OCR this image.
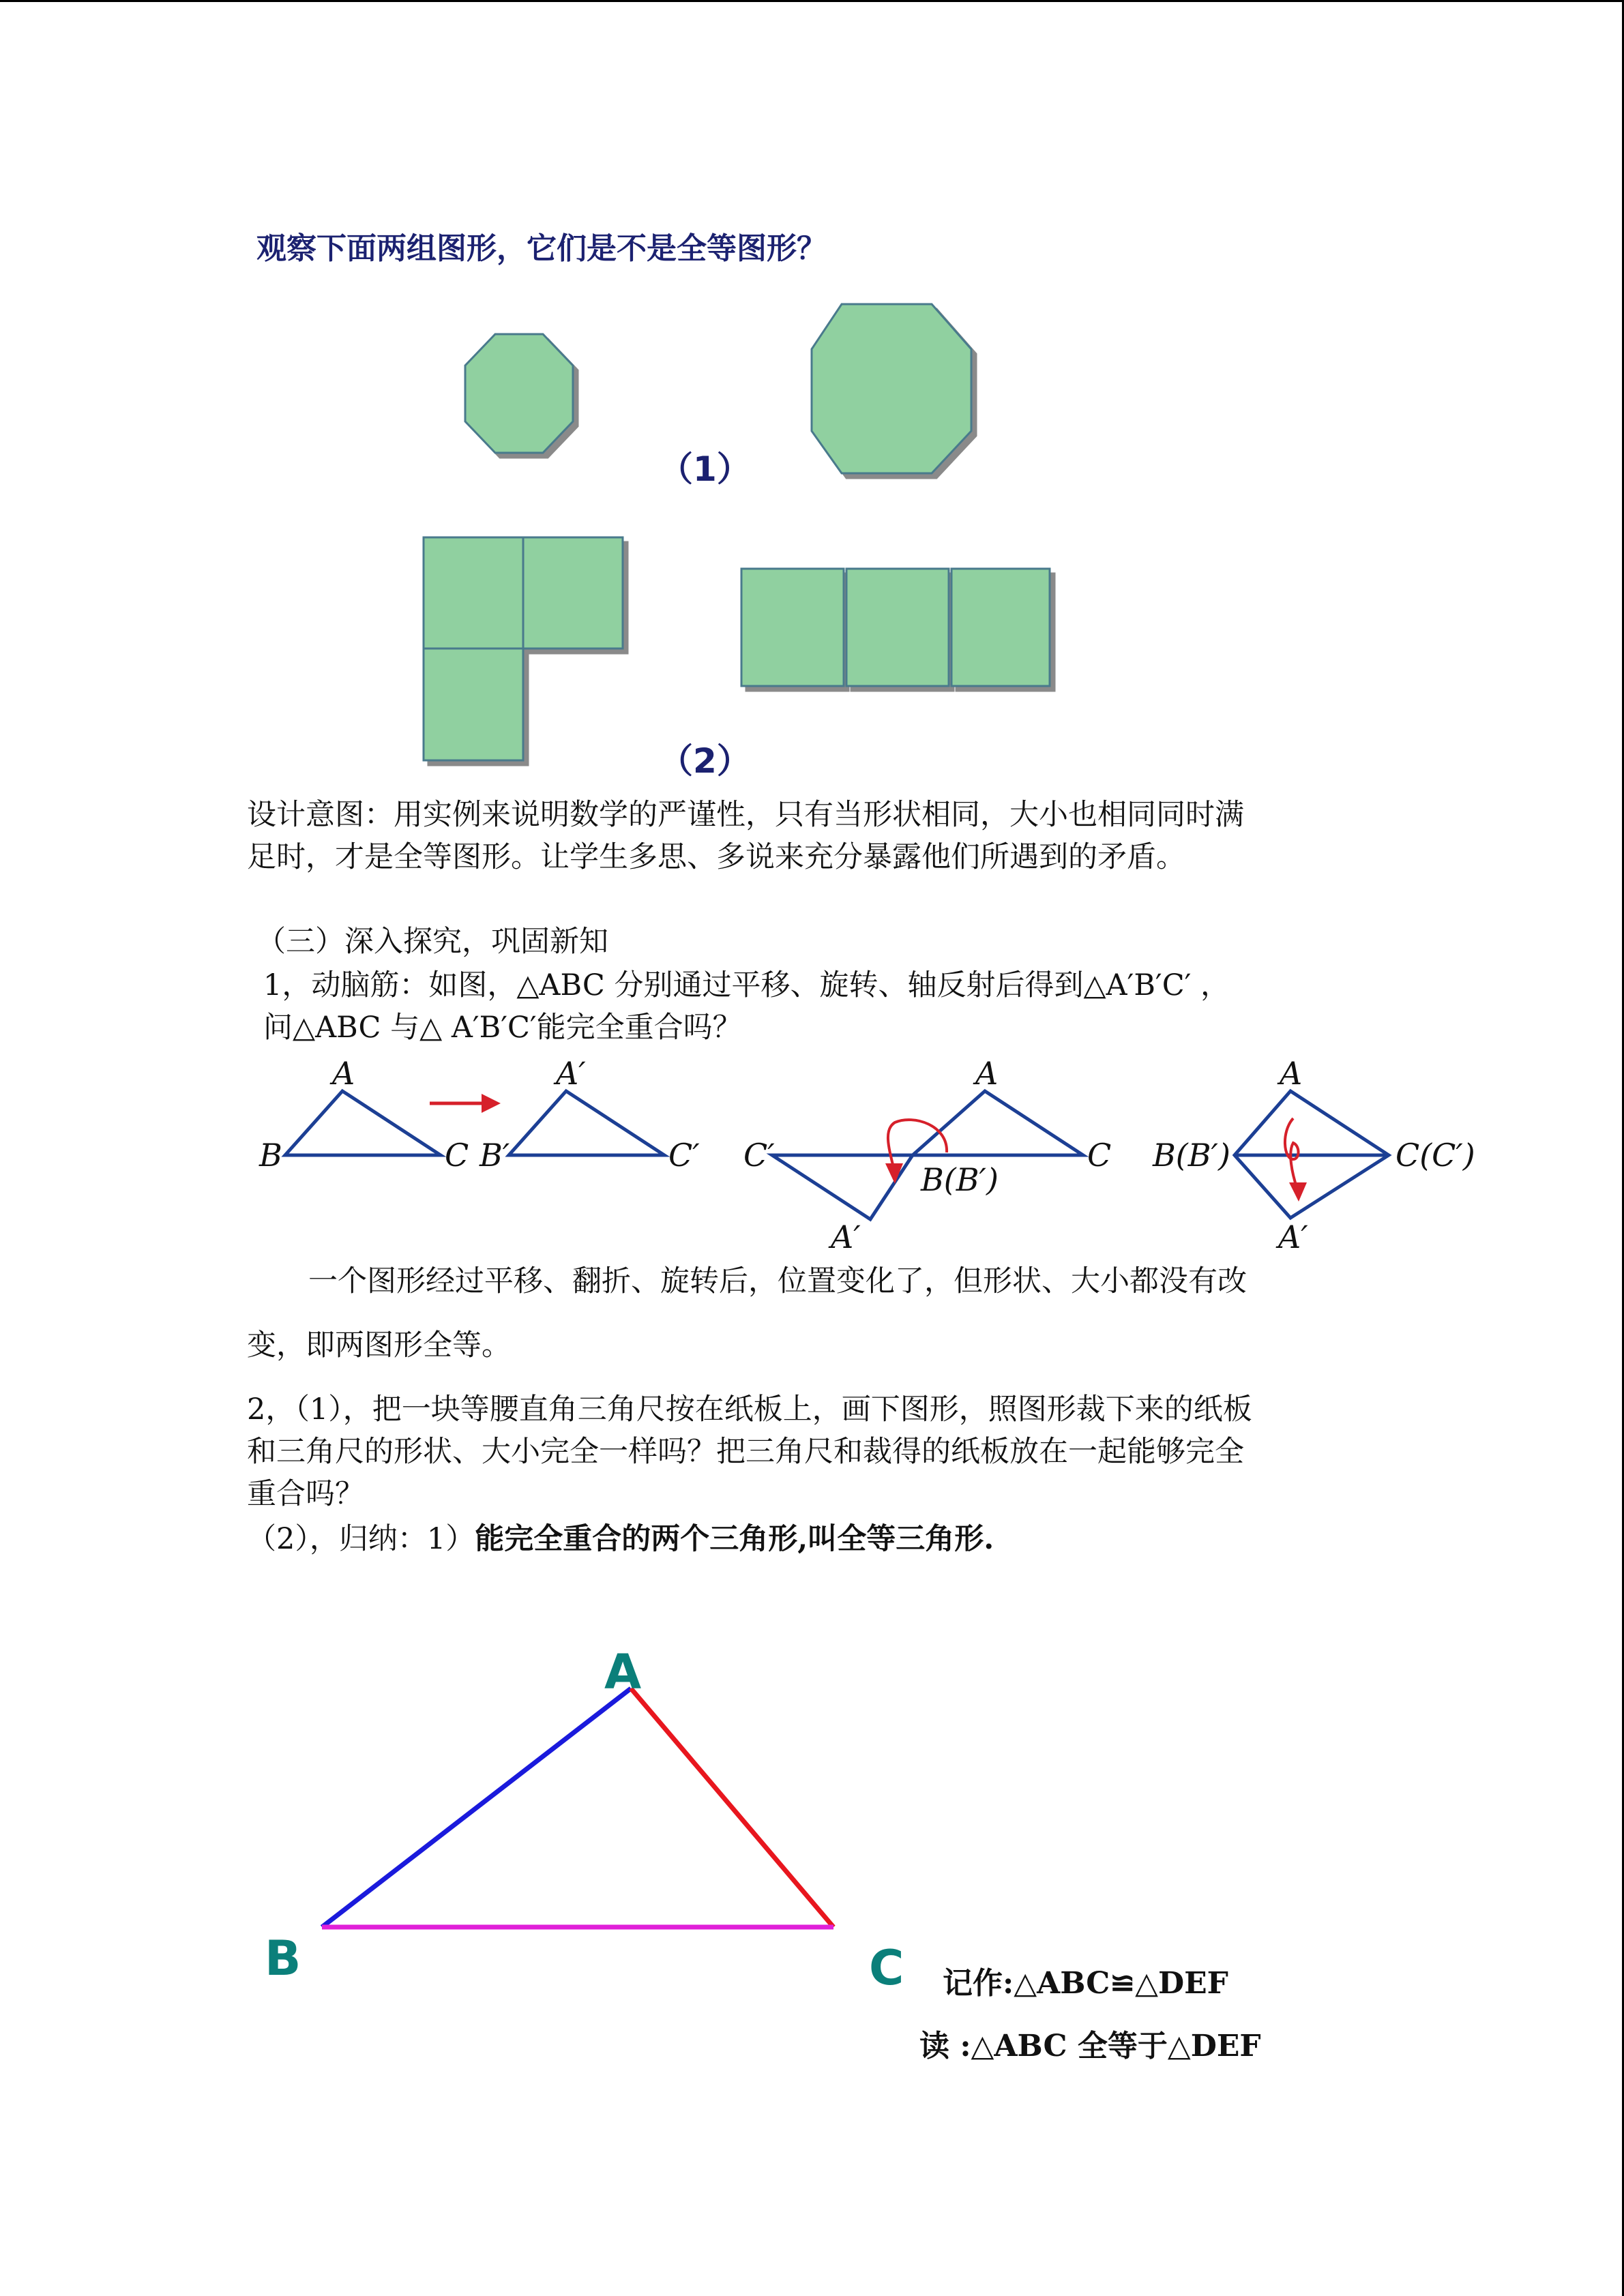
观察下面两组图形，它们是不是全等图形？

（1）

（2）

设计意图：用实例来说明数学的严谨性，只有当形状相同，大小也相同同时满

足时，才是全等图形。让学生多思、多说来充分暴露他们所遇到的矛盾。

（三）深入探究，巩固新知

1，动脑筋：如图，△ABC 分别通过平移、旋转、轴反射后得到△A′B′C′ ，

问△ABC 与△ A′B′C′能完全重合吗？

A
B	C
A′
B′	C′
A
C
C′
B(B′)
A′
A
B(B′)	C(C′)
A′

一个图形经过平移、翻折、旋转后，位置变化了，但形状、大小都没有改

变，即两图形全等。

2，（1），把一块等腰直角三角尺按在纸板上，画下图形，照图形裁下来的纸板

和三角尺的形状、大小完全一样吗？把三角尺和裁得的纸板放在一起能够完全

重合吗？

（2），归纳：1）能完全重合的两个三角形,叫全等三角形.

A
B	C 记作:△ABC≌△DEF

读 :△ABC 全等于△DEF
